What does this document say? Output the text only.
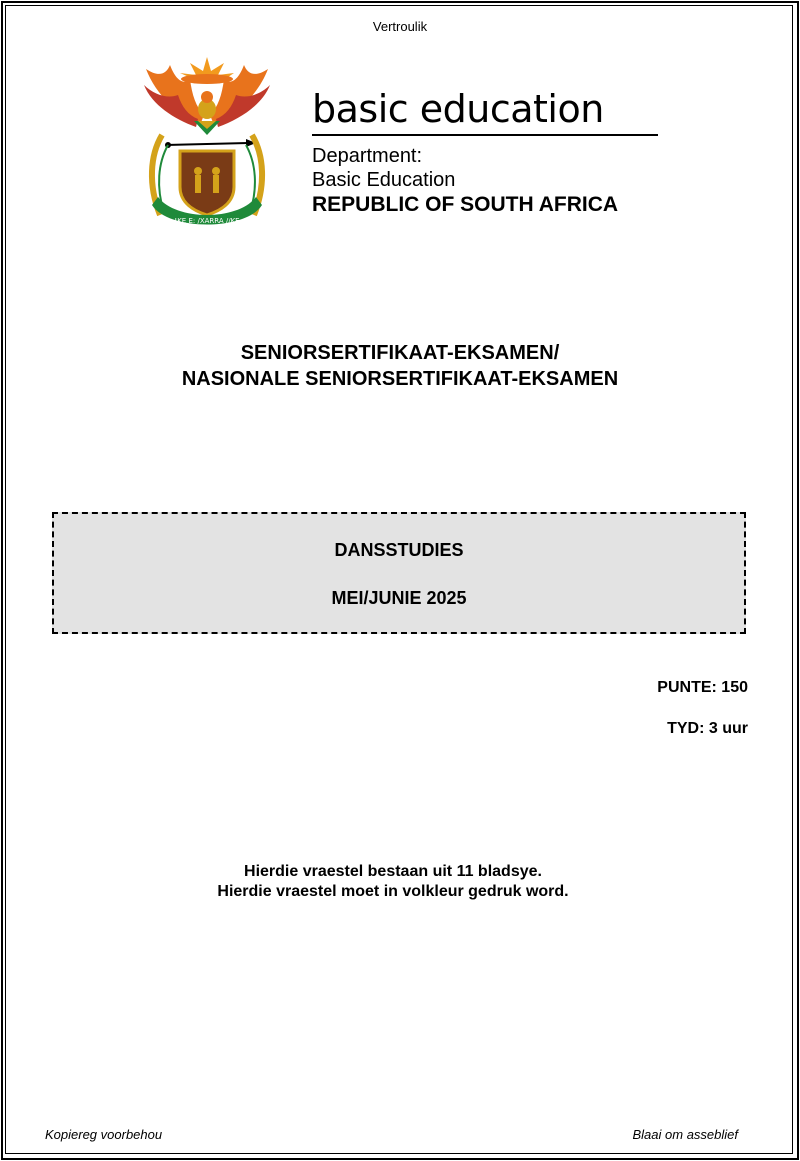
Vertroulik
!KE E: /XARRA //KE
basic education
Department:
Basic Education
REPUBLIC OF SOUTH AFRICA
SENIORSERTIFIKAAT-EKSAMEN/
NASIONALE SENIORSERTIFIKAAT-EKSAMEN
DANSSTUDIES
MEI/JUNIE 2025
PUNTE: 150
TYD: 3 uur
Hierdie vraestel bestaan uit 11 bladsye.
Hierdie vraestel moet in volkleur gedruk word.
Kopiereg voorbehou	Blaai om asseblief
